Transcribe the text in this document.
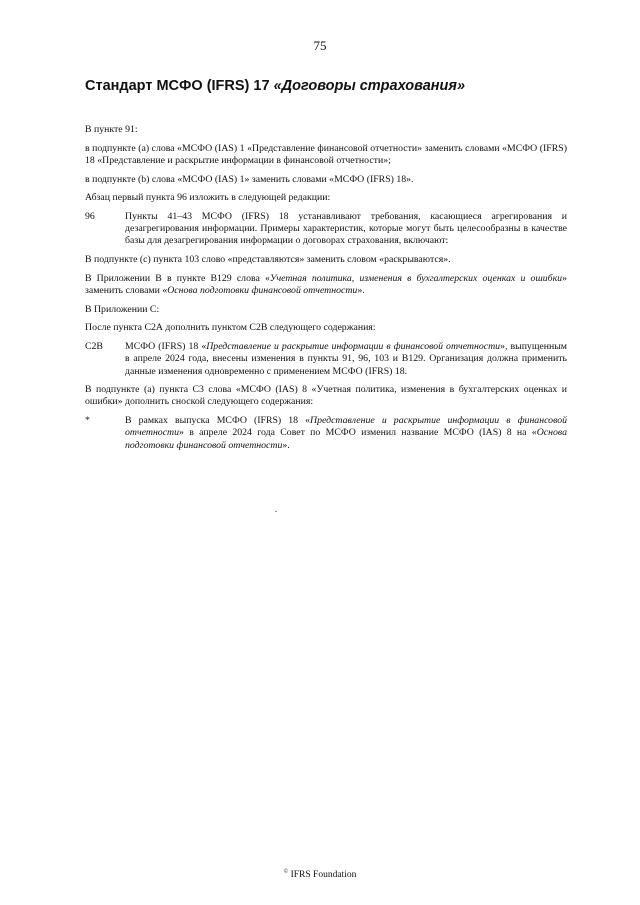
75
Стандарт МСФО (IFRS) 17 «Договоры страхования»

В пункте 91:

в подпункте (а) слова «МСФО (IAS) 1 «Представление финансовой отчетности» заменить словами «МСФО (IFRS) 18 «Представление и раскрытие информации в финансовой отчетности»;

в подпункте (b) слова «МСФО (IAS) 1» заменить словами «МСФО (IFRS) 18».

Абзац первый пункта 96 изложить в следующей редакции:

96	Пункты 41–43 МСФО (IFRS) 18 устанавливают требования, касающиеся агрегирования и дезагрегирования информации. Примеры характеристик, которые могут быть целесообразны в качестве базы для дезагрегирования информации о договорах страхования, включают:

В подпункте (с) пункта 103 слово «представляются» заменить словом «раскрываются».

В Приложении В в пункте В129 слова «Учетная политика, изменения в бухгалтерских оценках и ошибки» заменить словами «Основа подготовки финансовой отчетности».

В Приложении С:

После пункта С2А дополнить пунктом С2В следующего содержания:

С2В	МСФО (IFRS) 18 «Представление и раскрытие информации в финансовой отчетности», выпущенным в апреле 2024 года, внесены изменения в пункты 91, 96, 103 и В129. Организация должна применить данные изменения одновременно с применением МСФО (IFRS) 18.

В подпункте (а) пункта С3 слова «МСФО (IAS) 8 «Учетная политика, изменения в бухгалтерских оценках и ошибки» дополнить сноской следующего содержания:

*	В рамках выпуска МСФО (IFRS) 18 «Представление и раскрытие информации в финансовой отчетности» в апреле 2024 года Совет по МСФО изменил название МСФО (IAS) 8 на «Основа подготовки финансовой отчетности».
© IFRS Foundation
